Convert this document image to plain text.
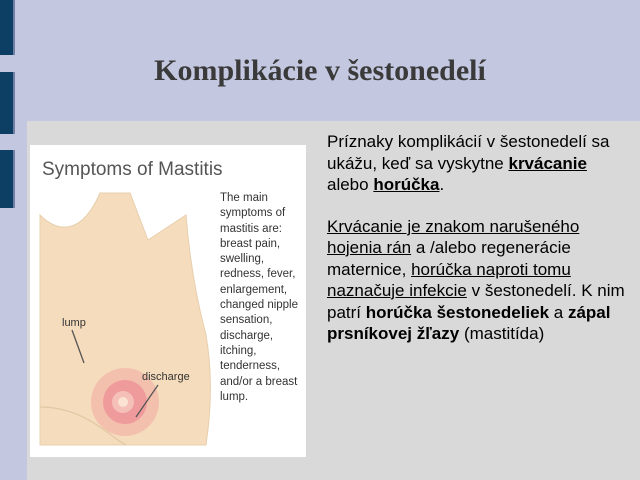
Komplikácie v šestonedelí
Symptoms of Mastitis
The main symptoms of mastitis are: breast pain, swelling, redness, fever, enlargement, changed nipple sensation, discharge, itching, tenderness, and/or a breast lump.
lump
discharge

Príznaky komplikácií v šestonedelí sa ukážu, keď sa vyskytne krvácanie alebo horúčka.

Krvácanie je znakom narušeného hojenia rán a /alebo regenerácie maternice, horúčka naproti tomu naznačuje infekcie v šestonedelí. K nim patrí horúčka šestonedeliek a zápal prsníkovej žľazy (mastitída)
